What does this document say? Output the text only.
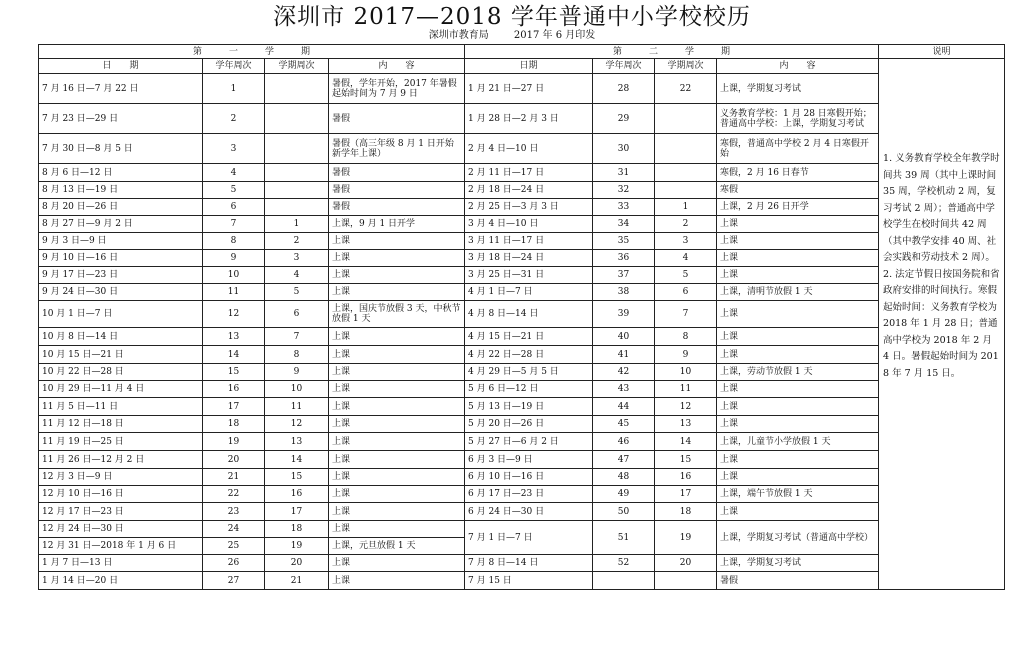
深圳市 2017—2018 学年普通中小学校校历
深圳市教育局	2017 年 6 月印发
第　　　一　　　学　　　期				第　　　二　　　学　　　期				说明
日　　期	学年周次	学期周次	内　　容	日期	学年周次	学期周次	内　　容	1. 义务教育学校全年教学时间共 39 周（其中上课时间 35 周，学校机动 2 周，复习考试 2 周）；普通高中学校学生在校时间共 42 周（其中教学安排 40 周、社会实践和劳动技术 2 周）。
2. 法定节假日按国务院和省政府安排的时间执行。寒假起始时间：义务教育学校为 2018 年 1 月 28 日；普通高中学校为 2018 年 2 月 4 日。暑假起始时间为 2018 年 7 月 15 日。

7 月 16 日—7 月 22 日	1		暑假，学年开始，2017 年暑假起始时间为 7 月 9 日	1 月 21 日—27 日	28	22	上课，学期复习考试	
7 月 23 日—29 日	2		暑假	1 月 28 日—2 月 3 日	29		义务教育学校：1 月 28 日寒假开始；普通高中学校：上课，学期复习考试	
7 月 30 日—8 月 5 日	3		暑假（高三年级 8 月 1 日开始新学年上课）	2 月 4 日—10 日	30		寒假，普通高中学校 2 月 4 日寒假开始	
8 月 6 日—12 日	4		暑假	2 月 11 日—17 日	31		寒假，2 月 16 日春节	
8 月 13 日—19 日	5		暑假	2 月 18 日—24 日	32		寒假	
8 月 20 日—26 日	6		暑假	2 月 25 日—3 月 3 日	33	1	上课，2 月 26 日开学	
8 月 27 日—9 月 2 日	7	1	上课，9 月 1 日开学	3 月 4 日—10 日	34	2	上课	
9 月 3 日—9 日	8	2	上课	3 月 11 日—17 日	35	3	上课	
9 月 10 日—16 日	9	3	上课	3 月 18 日—24 日	36	4	上课	
9 月 17 日—23 日	10	4	上课	3 月 25 日—31 日	37	5	上课	
9 月 24 日—30 日	11	5	上课	4 月 1 日—7 日	38	6	上课，清明节放假 1 天	
10 月 1 日—7 日	12	6	上课，国庆节放假 3 天，中秋节放假 1 天	4 月 8 日—14 日	39	7	上课	
10 月 8 日—14 日	13	7	上课	4 月 15 日—21 日	40	8	上课	
10 月 15 日—21 日	14	8	上课	4 月 22 日—28 日	41	9	上课	
10 月 22 日—28 日	15	9	上课	4 月 29 日—5 月 5 日	42	10	上课，劳动节放假 1 天	
10 月 29 日—11 月 4 日	16	10	上课	5 月 6 日—12 日	43	11	上课	
11 月 5 日—11 日	17	11	上课	5 月 13 日—19 日	44	12	上课	
11 月 12 日—18 日	18	12	上课	5 月 20 日—26 日	45	13	上课	
11 月 19 日—25 日	19	13	上课	5 月 27 日—6 月 2 日	46	14	上课，儿童节小学放假 1 天	
11 月 26 日—12 月 2 日	20	14	上课	6 月 3 日—9 日	47	15	上课	
12 月 3 日—9 日	21	15	上课	6 月 10 日—16 日	48	16	上课	
12 月 10 日—16 日	22	16	上课	6 月 17 日—23 日	49	17	上课，端午节放假 1 天	
12 月 17 日—23 日	23	17	上课	6 月 24 日—30 日	50	18	上课	
12 月 24 日—30 日	24	18	上课	7 月 1 日—7 日	51	19	上课，学期复习考试（普通高中学校）	
12 月 31 日—2018 年 1 月 6 日	25	19	上课，元旦放假 1 天					
1 月 7 日—13 日	26	20	上课	7 月 8 日—14 日	52	20	上课，学期复习考试	
1 月 14 日—20 日	27	21	上课	7 月 15 日			暑假	
